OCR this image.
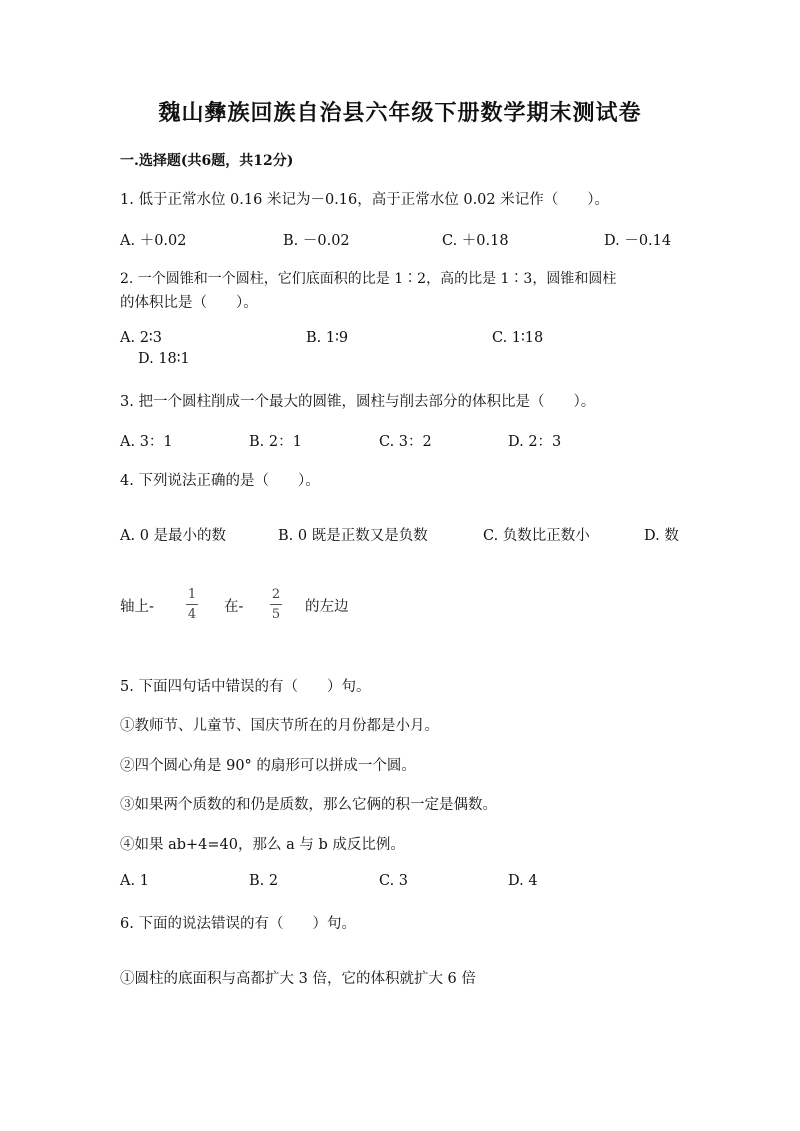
魏山彝族回族自治县六年级下册数学期末测试卷
一.选择题(共6题，共12分)
1. 低于正常水位 0.16 米记为－0.16，高于正常水位 0.02 米记作（　　）。
A. ＋0.02	B. －0.02	C. ＋0.18	D. －0.14
2. 一个圆锥和一个圆柱，它们底面积的比是 1∶2，高的比是 1∶3，圆锥和圆柱
的体积比是（　　）。
A. 2∶3	B. 1∶9	C. 1∶18
D. 18∶1
3. 把一个圆柱削成一个最大的圆锥，圆柱与削去部分的体积比是（　　）。
A. 3：1	B. 2：1	C. 3：2	D. 2：3
4. 下列说法正确的是（　　）。
A. 0 是最小的数	B. 0 既是正数又是负数	C. 负数比正数小	D. 数
轴上-
1
4	在-
2
5	的左边
5. 下面四句话中错误的有（　　）句。
①教师节、儿童节、国庆节所在的月份都是小月。
②四个圆心角是 90° 的扇形可以拼成一个圆。
③如果两个质数的和仍是质数，那么它俩的积一定是偶数。
④如果 ab+4=40，那么 a 与 b 成反比例。
A. 1	B. 2	C. 3	D. 4
6. 下面的说法错误的有（　　）句。
①圆柱的底面积与高都扩大 3 倍，它的体积就扩大 6 倍
